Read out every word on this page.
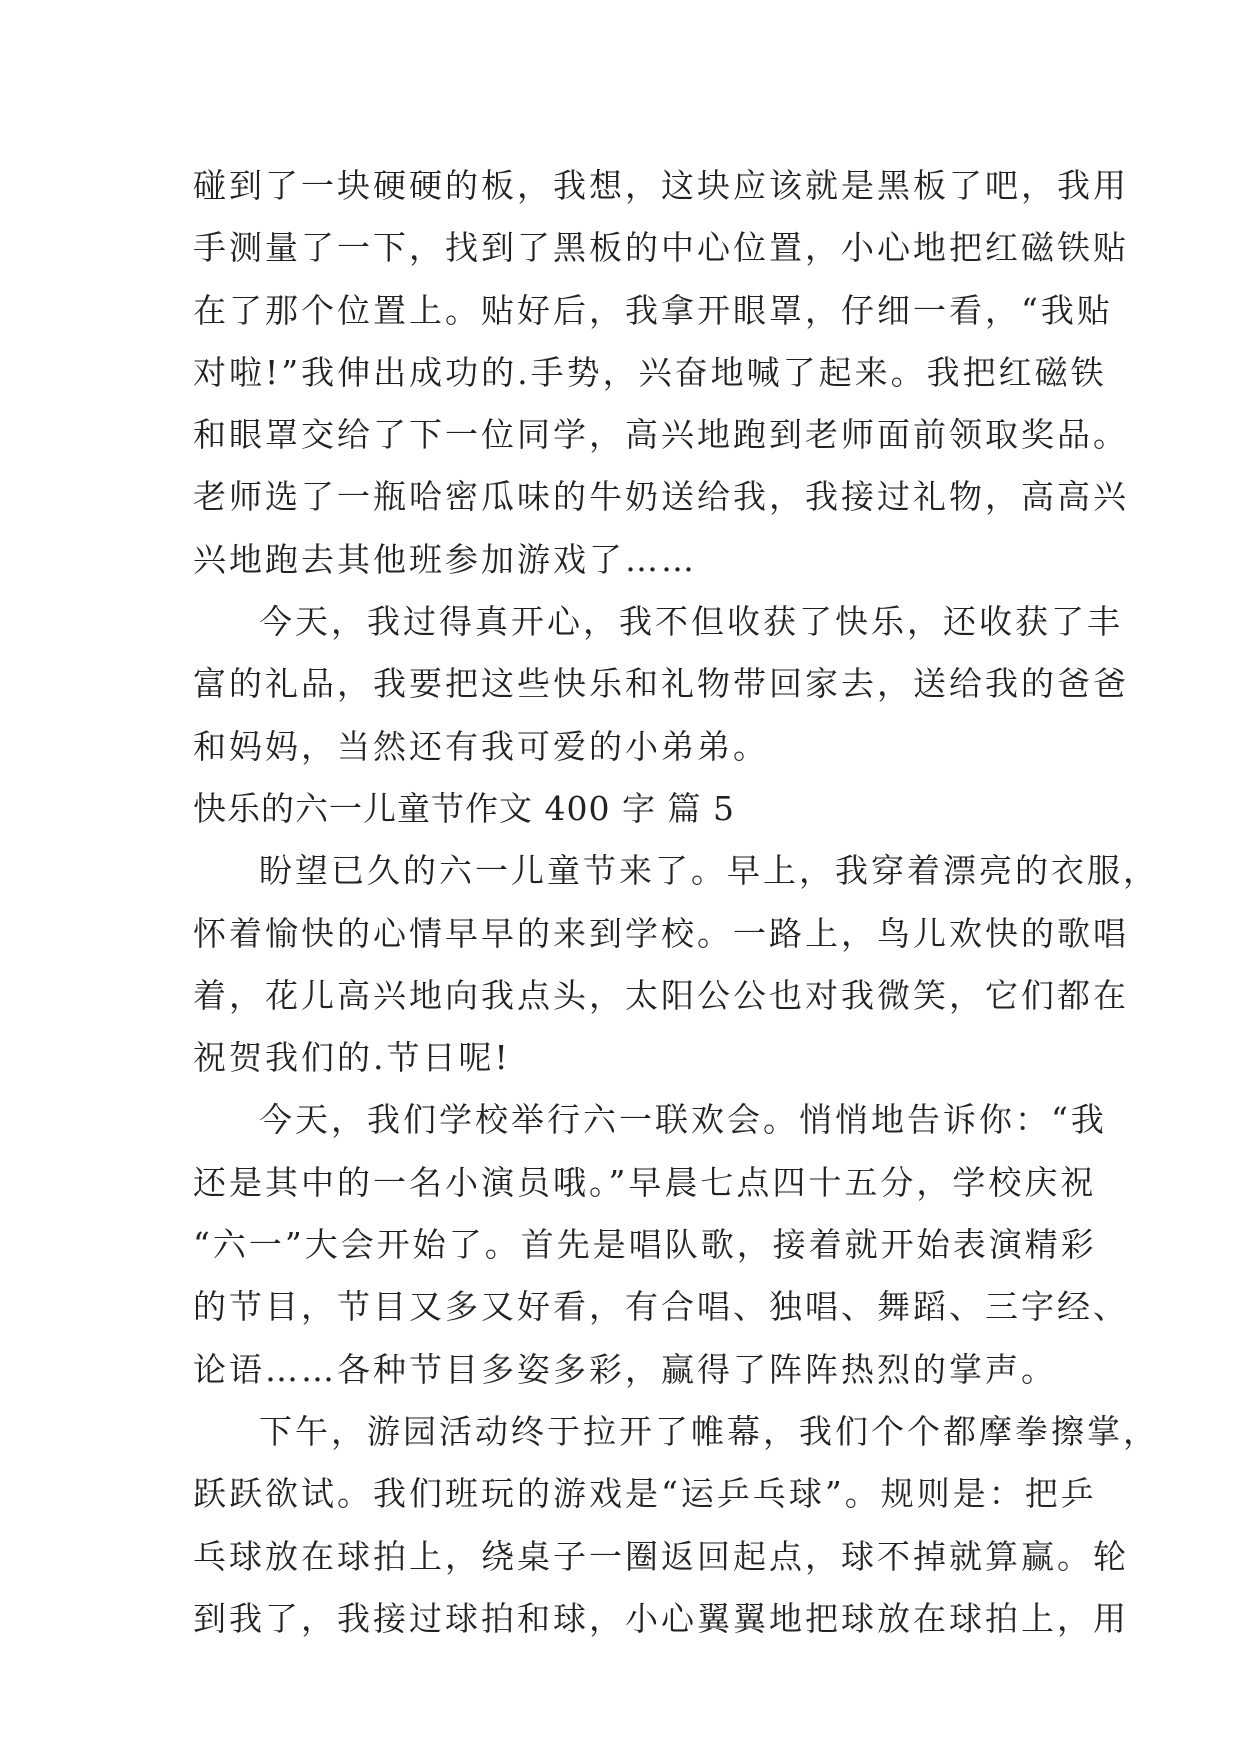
碰到了一块硬硬的板，我想，这块应该就是黑板了吧，我用
手测量了一下，找到了黑板的中心位置，小心地把红磁铁贴
在了那个位置上。贴好后，我拿开眼罩，仔细一看，“我贴
对啦!”我伸出成功的.手势，兴奋地喊了起来。我把红磁铁
和眼罩交给了下一位同学，高兴地跑到老师面前领取奖品。
老师选了一瓶哈密瓜味的牛奶送给我，我接过礼物，高高兴
兴地跑去其他班参加游戏了……
今天，我过得真开心，我不但收获了快乐，还收获了丰
富的礼品，我要把这些快乐和礼物带回家去，送给我的爸爸
和妈妈，当然还有我可爱的小弟弟。
快乐的六一儿童节作文 400 字 篇 5
盼望已久的六一儿童节来了。早上，我穿着漂亮的衣服，
怀着愉快的心情早早的来到学校。一路上，鸟儿欢快的歌唱
着，花儿高兴地向我点头，太阳公公也对我微笑，它们都在
祝贺我们的.节日呢!
今天，我们学校举行六一联欢会。悄悄地告诉你：“我
还是其中的一名小演员哦。”早晨七点四十五分，学校庆祝
“六一”大会开始了。首先是唱队歌，接着就开始表演精彩
的节目，节目又多又好看，有合唱、独唱、舞蹈、三字经、
论语……各种节目多姿多彩，赢得了阵阵热烈的掌声。
下午，游园活动终于拉开了帷幕，我们个个都摩拳擦掌，
跃跃欲试。我们班玩的游戏是“运乒乓球”。规则是：把乒
乓球放在球拍上，绕桌子一圈返回起点，球不掉就算赢。轮
到我了，我接过球拍和球，小心翼翼地把球放在球拍上，用
